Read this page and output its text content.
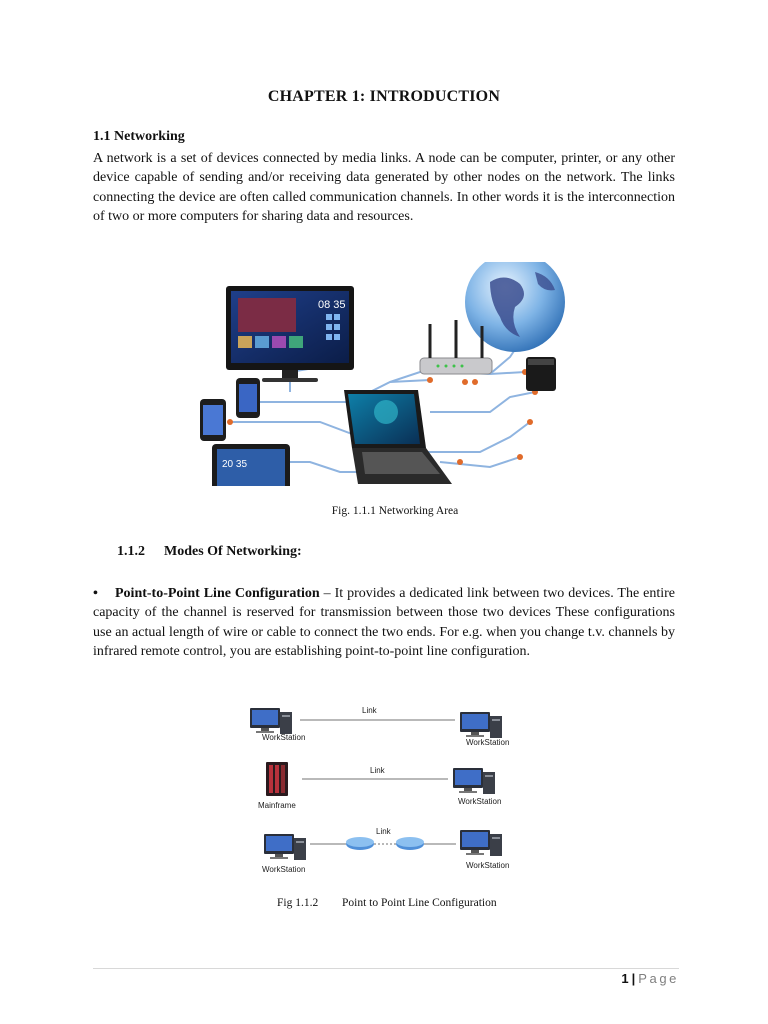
CHAPTER 1: INTRODUCTION
1.1 Networking
A network is a set of devices connected by media links. A node can be computer, printer, or any other device capable of sending and/or receiving data generated by other nodes on the network. The links connecting the device are often called communication channels. In other words it is the interconnection of two or more computers for sharing data and resources.
08 35
20 35
Fig. 1.1.1 Networking Area
1.1.2 Modes Of Networking:
• Point-to-Point Line Configuration – It provides a dedicated link between two devices. The entire capacity of the channel is reserved for transmission between those two devices These configurations use an actual length of wire or cable to connect the two ends. For e.g. when you change t.v. channels by infrared remote control, you are establishing point-to-point line configuration.
Link
WorkStation
WorkStation
Link
Mainframe	WorkStation
Link
WorkStation	WorkStation
Fig 1.1.2 Point to Point Line Configuration
1 | Page
